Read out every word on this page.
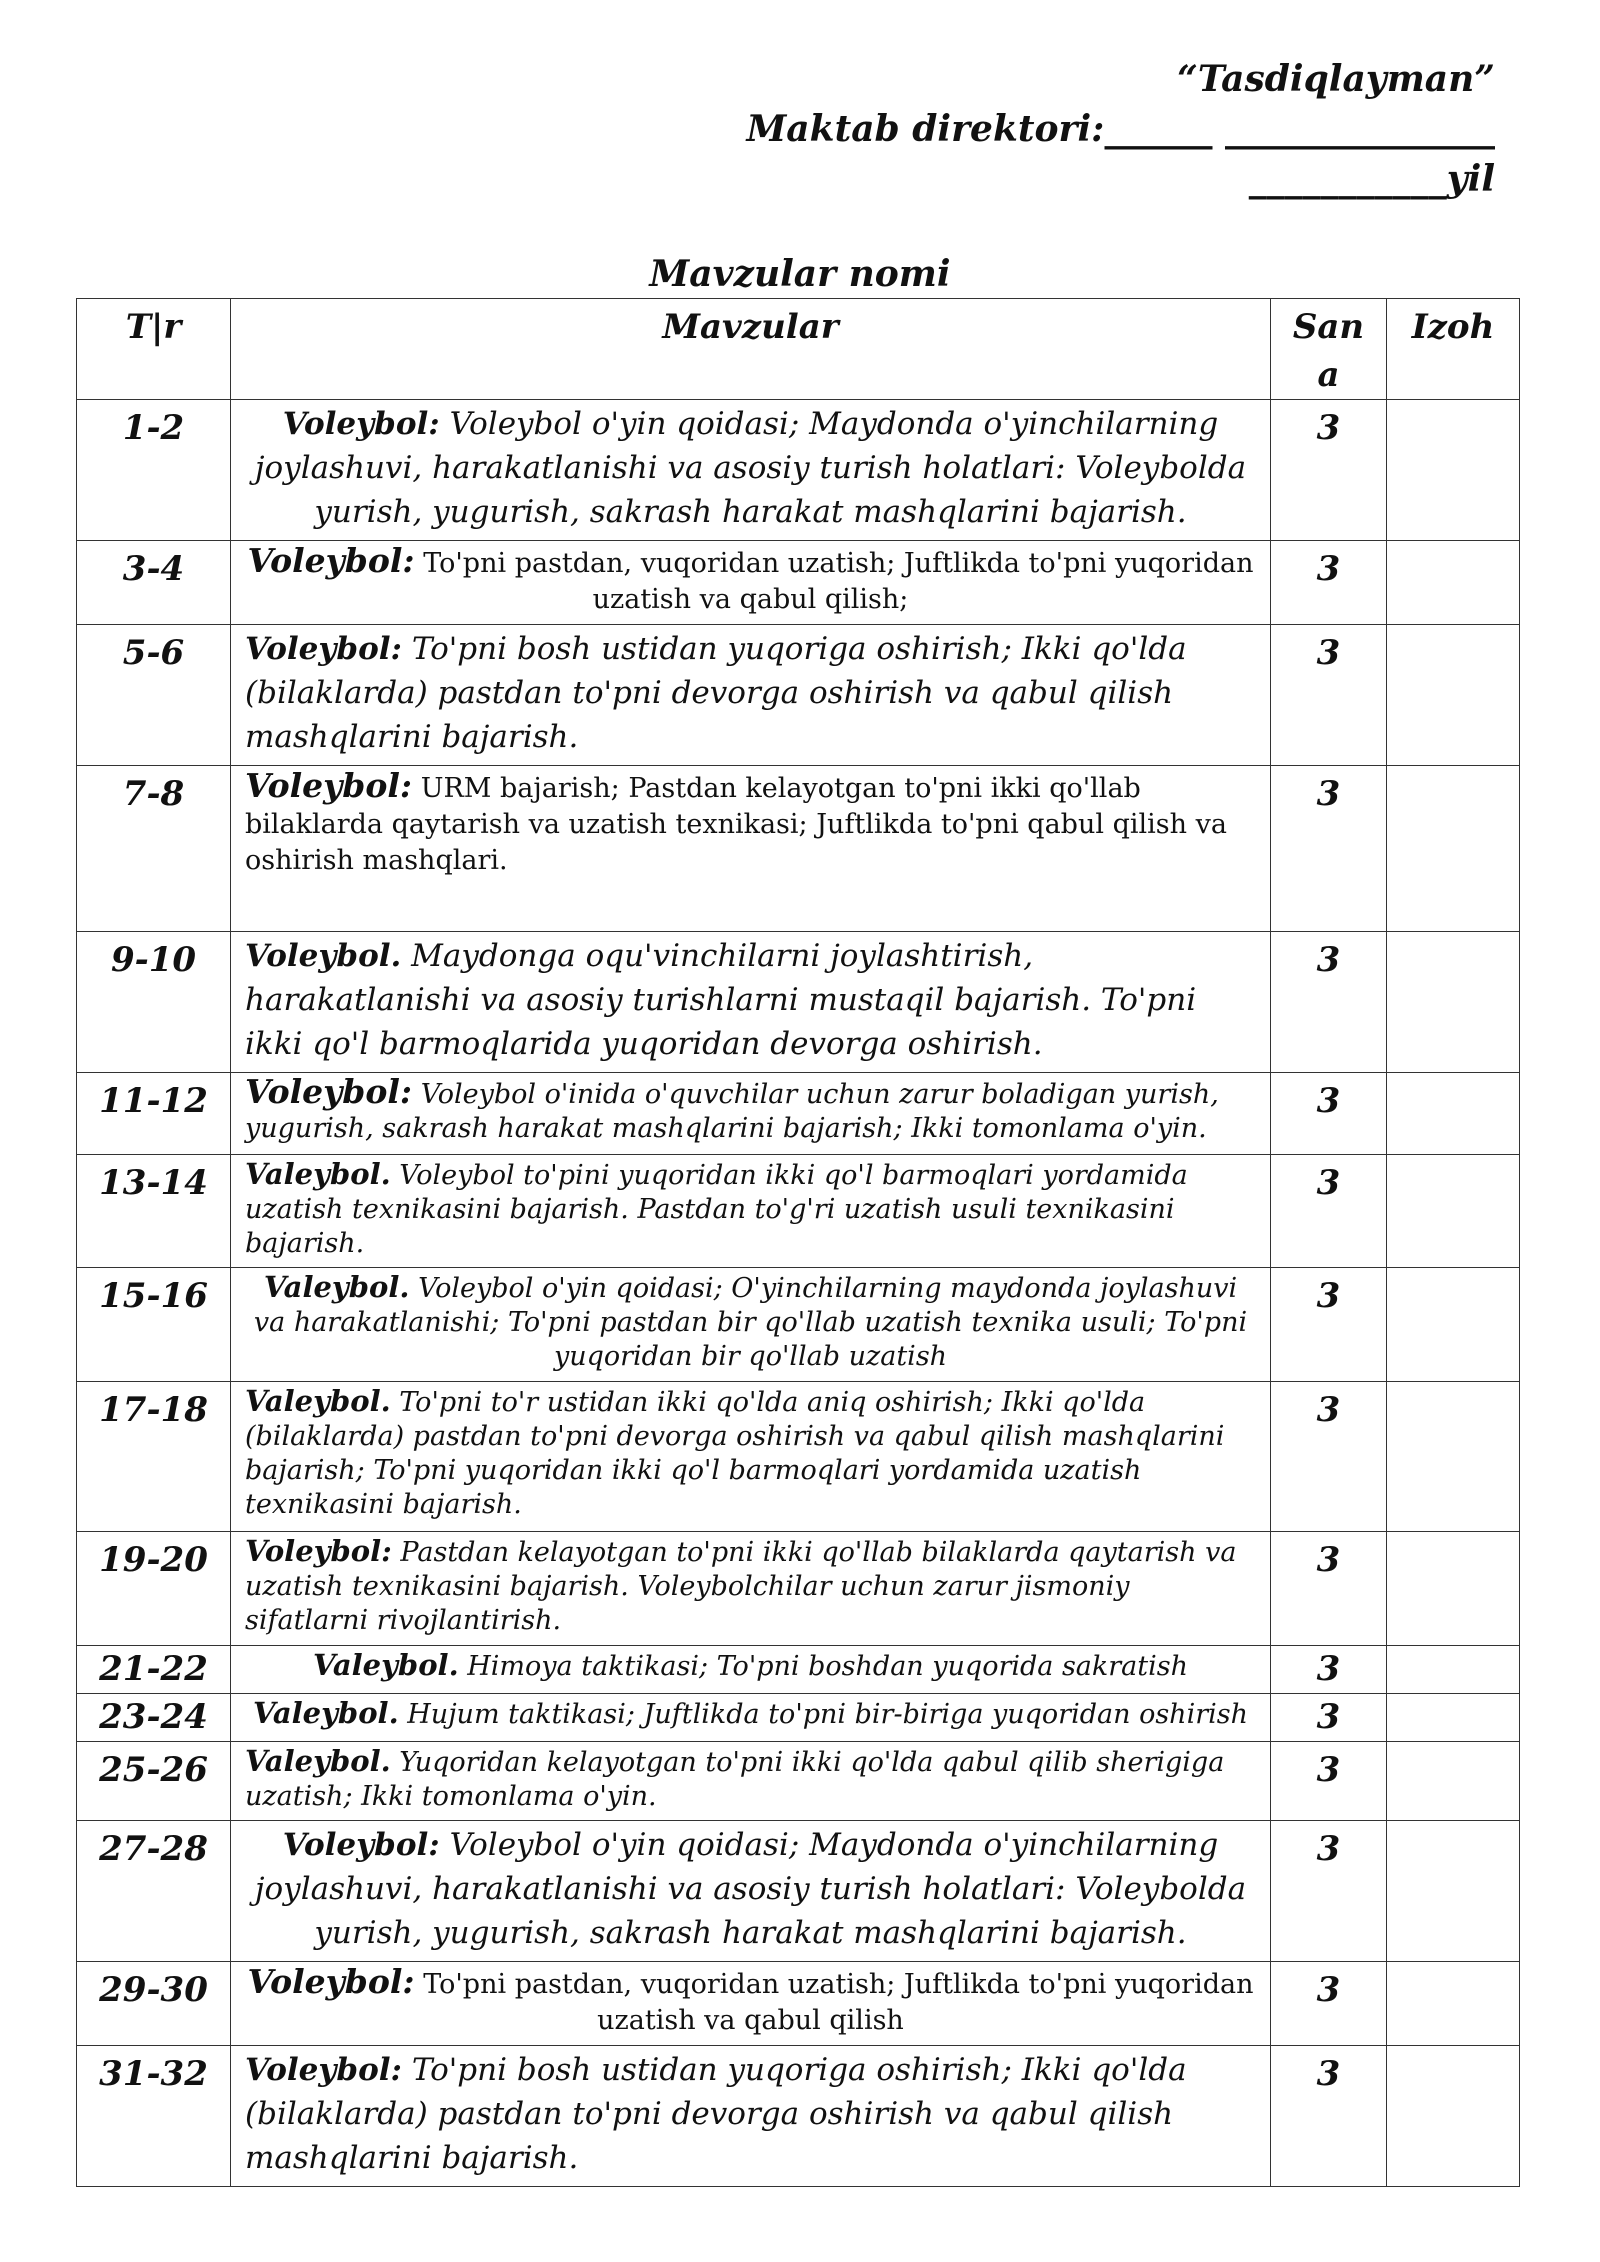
“Tasdiqlayman”
Maktab direktori:______ _______________
___________yil
Mavzular nomi
T|r	Mavzular	San a	Izoh
1-2	Voleybol: Voleybol o'yin qoidasi; Maydonda o'yinchilarning joylashuvi, harakatlanishi va asosiy turish holatlari: Voleybolda yurish, yugurish, sakrash harakat mashqlarini bajarish.	3	
3-4	Voleybol: To'pni pastdan, vuqoridan uzatish; Juftlikda to'pni yuqoridan uzatish va qabul qilish;	3	
5-6	Voleybol: To'pni bosh ustidan yuqoriga oshirish; Ikki qo'lda (bilaklarda) pastdan to'pni devorga oshirish va qabul qilish mashqlarini bajarish.	3	
7-8	Voleybol: URM bajarish; Pastdan kelayotgan to'pni ikki qo'llab bilaklarda qaytarish va uzatish texnikasi; Juftlikda to'pni qabul qilish va oshirish mashqlari.	3	
9-10	Voleybol. Maydonga oqu'vinchilarni joylashtirish, harakatlanishi va asosiy turishlarni mustaqil bajarish. To'pni ikki qo'l barmoqlarida yuqoridan devorga oshirish.	3	
11-12	Voleybol: Voleybol o'inida o'quvchilar uchun zarur boladigan yurish, yugurish, sakrash harakat mashqlarini bajarish; Ikki tomonlama o'yin.	3	
13-14	Valeybol. Voleybol to'pini yuqoridan ikki qo'l barmoqlari yordamida uzatish texnikasini bajarish. Pastdan to'g'ri uzatish usuli texnikasini bajarish.	3	
15-16	Valeybol. Voleybol o'yin qoidasi; O'yinchilarning maydonda joylashuvi va harakatlanishi; To'pni pastdan bir qo'llab uzatish texnika usuli; To'pni yuqoridan bir qo'llab uzatish	3	
17-18	Valeybol. To'pni to'r ustidan ikki qo'lda aniq oshirish; Ikki qo'lda (bilaklarda) pastdan to'pni devorga oshirish va qabul qilish mashqlarini bajarish; To'pni yuqoridan ikki qo'l barmoqlari yordamida uzatish texnikasini bajarish.	3	
19-20	Voleybol: Pastdan kelayotgan to'pni ikki qo'llab bilaklarda qaytarish va uzatish texnikasini bajarish. Voleybolchilar uchun zarur jismoniy sifatlarni rivojlantirish.	3	
21-22	Valeybol. Himoya taktikasi; To'pni boshdan yuqorida sakratish	3	
23-24	Valeybol. Hujum taktikasi; Juftlikda to'pni bir-biriga yuqoridan oshirish	3	
25-26	Valeybol. Yuqoridan kelayotgan to'pni ikki qo'lda qabul qilib sherigiga uzatish; Ikki tomonlama o'yin.	3	
27-28	Voleybol: Voleybol o'yin qoidasi; Maydonda o'yinchilarning joylashuvi, harakatlanishi va asosiy turish holatlari: Voleybolda yurish, yugurish, sakrash harakat mashqlarini bajarish.	3	
29-30	Voleybol: To'pni pastdan, vuqoridan uzatish; Juftlikda to'pni yuqoridan uzatish va qabul qilish	3	
31-32	Voleybol: To'pni bosh ustidan yuqoriga oshirish; Ikki qo'lda (bilaklarda) pastdan to'pni devorga oshirish va qabul qilish mashqlarini bajarish.	3	
